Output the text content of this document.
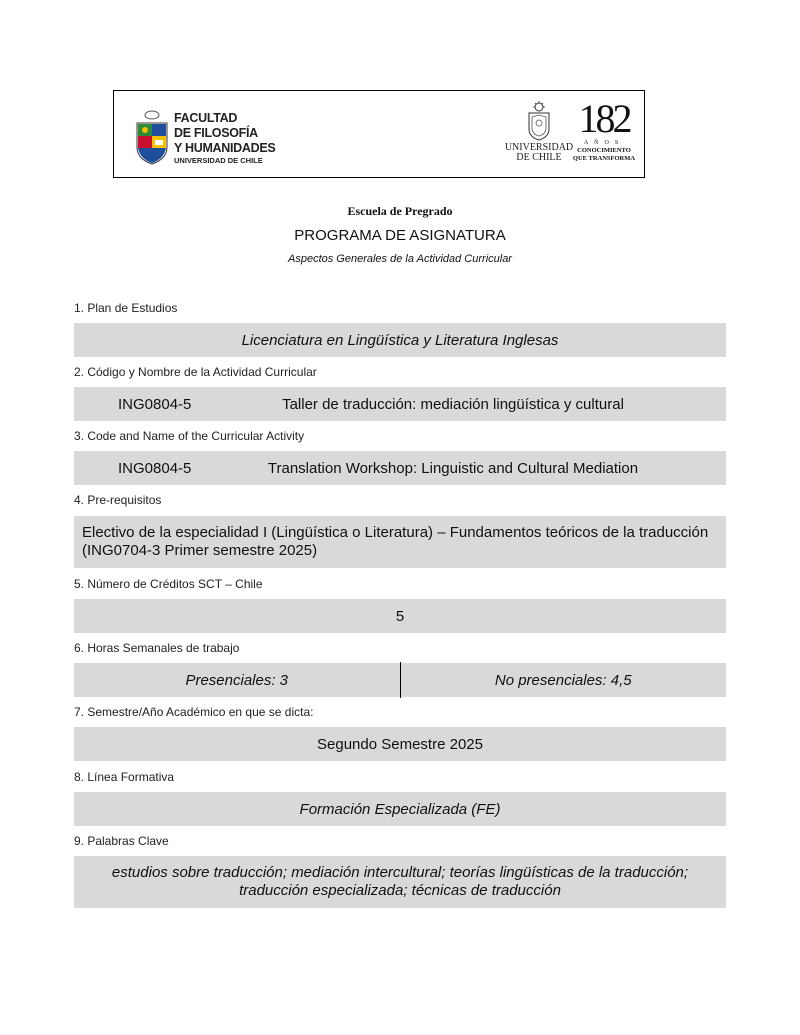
FACULTAD
DE FILOSOFÍA
Y HUMANIDADES
UNIVERSIDAD DE CHILE
UNIVERSIDAD
DE CHILE
182
AÑOS
CONOCIMIENTO
QUE TRANSFORMA
Escuela de Pregrado
PROGRAMA DE ASIGNATURA
Aspectos Generales de la Actividad Curricular
1. Plan de Estudios
Licenciatura en Lingüística y Literatura Inglesas
2. Código y Nombre de la Actividad Curricular
ING0804-5	Taller de traducción: mediación lingüística y cultural
3. Code and Name of the Curricular Activity
ING0804-5	Translation Workshop: Linguistic and Cultural Mediation
4. Pre-requisitos
Electivo de la especialidad I (Lingüística o Literatura) – Fundamentos teóricos de la traducción (ING0704-3 Primer semestre 2025)
5. Número de Créditos SCT – Chile
5
6. Horas Semanales de trabajo
Presenciales: 3	No presenciales: 4,5
7. Semestre/Año Académico en que se dicta:
Segundo Semestre 2025
8. Línea Formativa
Formación Especializada (FE)
9. Palabras Clave
estudios sobre traducción; mediación intercultural; teorías lingüísticas de la traducción;
traducción especializada; técnicas de traducción
